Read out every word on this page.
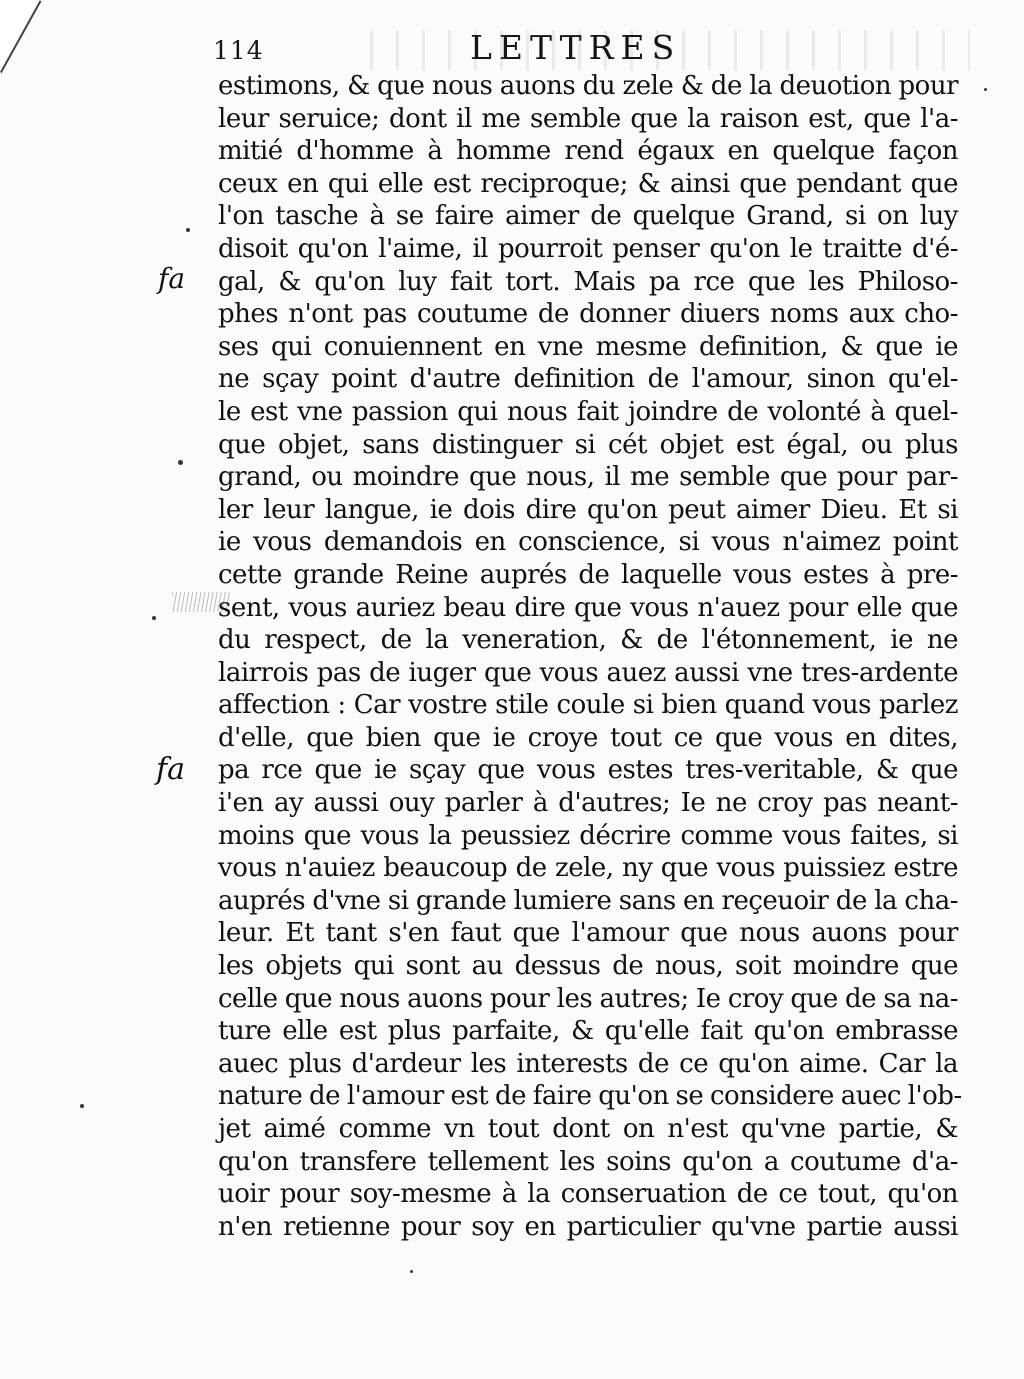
114	LETTRES
fa
fa
estimons, & que nous auons du zele & de la deuotion pour
leur seruice; dont il me semble que la raison est, que l'a-
mitié d'homme à homme rend égaux en quelque façon
ceux en qui elle est reciproque; & ainsi que pendant que
l'on tasche à se faire aimer de quelque Grand, si on luy
disoit qu'on l'aime, il pourroit penser qu'on le traitte d'é-
gal, & qu'on luy fait tort. Mais pa rce que les Philoso-
phes n'ont pas coutume de donner diuers noms aux cho-
ses qui conuiennent en vne mesme definition, & que ie
ne sçay point d'autre definition de l'amour, sinon qu'el-
le est vne passion qui nous fait joindre de volonté à quel-
que objet, sans distinguer si cét objet est égal, ou plus
grand, ou moindre que nous, il me semble que pour par-
ler leur langue, ie dois dire qu'on peut aimer Dieu. Et si
ie vous demandois en conscience, si vous n'aimez point
cette grande Reine auprés de laquelle vous estes à pre-
sent, vous auriez beau dire que vous n'auez pour elle que
du respect, de la veneration, & de l'étonnement, ie ne
lairrois pas de iuger que vous auez aussi vne tres-ardente
affection : Car vostre stile coule si bien quand vous parlez
d'elle, que bien que ie croye tout ce que vous en dites,
pa rce que ie sçay que vous estes tres-veritable, & que
i'en ay aussi ouy parler à d'autres; Ie ne croy pas neant-
moins que vous la peussiez décrire comme vous faites, si
vous n'auiez beaucoup de zele, ny que vous puissiez estre
auprés d'vne si grande lumiere sans en reçeuoir de la cha-
leur. Et tant s'en faut que l'amour que nous auons pour
les objets qui sont au dessus de nous, soit moindre que
celle que nous auons pour les autres; Ie croy que de sa na-
ture elle est plus parfaite, & qu'elle fait qu'on embrasse
auec plus d'ardeur les interests de ce qu'on aime. Car la
nature de l'amour est de faire qu'on se considere auec l'ob-
jet aimé comme vn tout dont on n'est qu'vne partie, &
qu'on transfere tellement les soins qu'on a coutume d'a-
uoir pour soy-mesme à la conseruation de ce tout, qu'on
n'en retienne pour soy en particulier qu'vne partie aussi
